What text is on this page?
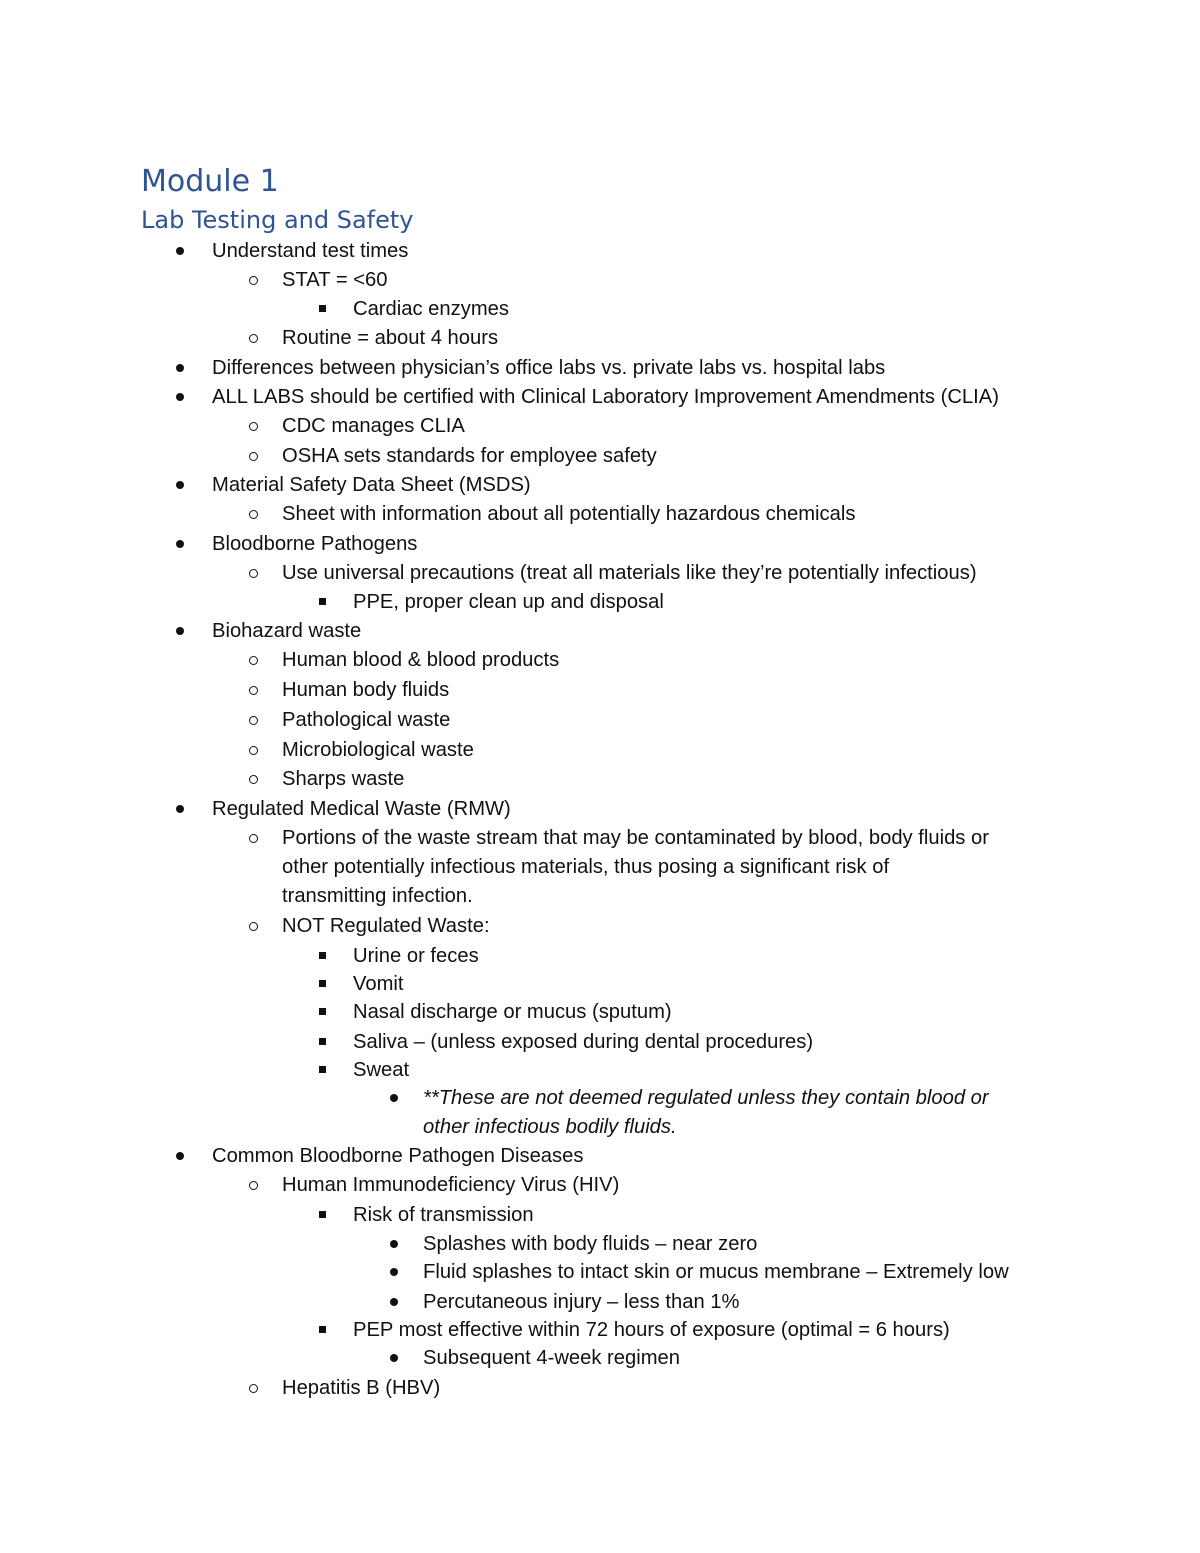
Module 1
Lab Testing and Safety
Understand test times
STAT = <60
Cardiac enzymes
Routine = about 4 hours
Differences between physician’s office labs vs. private labs vs. hospital labs
ALL LABS should be certified with Clinical Laboratory Improvement Amendments (CLIA)
CDC manages CLIA
OSHA sets standards for employee safety
Material Safety Data Sheet (MSDS)
Sheet with information about all potentially hazardous chemicals
Bloodborne Pathogens
Use universal precautions (treat all materials like they’re potentially infectious)
PPE, proper clean up and disposal
Biohazard waste
Human blood & blood products
Human body fluids
Pathological waste
Microbiological waste
Sharps waste
Regulated Medical Waste (RMW)
Portions of the waste stream that may be contaminated by blood, body fluids or
other potentially infectious materials, thus posing a significant risk of
transmitting infection.
NOT Regulated Waste:
Urine or feces
Vomit
Nasal discharge or mucus (sputum)
Saliva – (unless exposed during dental procedures)
Sweat
**These are not deemed regulated unless they contain blood or
other infectious bodily fluids.
Common Bloodborne Pathogen Diseases
Human Immunodeficiency Virus (HIV)
Risk of transmission
Splashes with body fluids – near zero
Fluid splashes to intact skin or mucus membrane – Extremely low
Percutaneous injury – less than 1%
PEP most effective within 72 hours of exposure (optimal = 6 hours)
Subsequent 4-week regimen
Hepatitis B (HBV)
